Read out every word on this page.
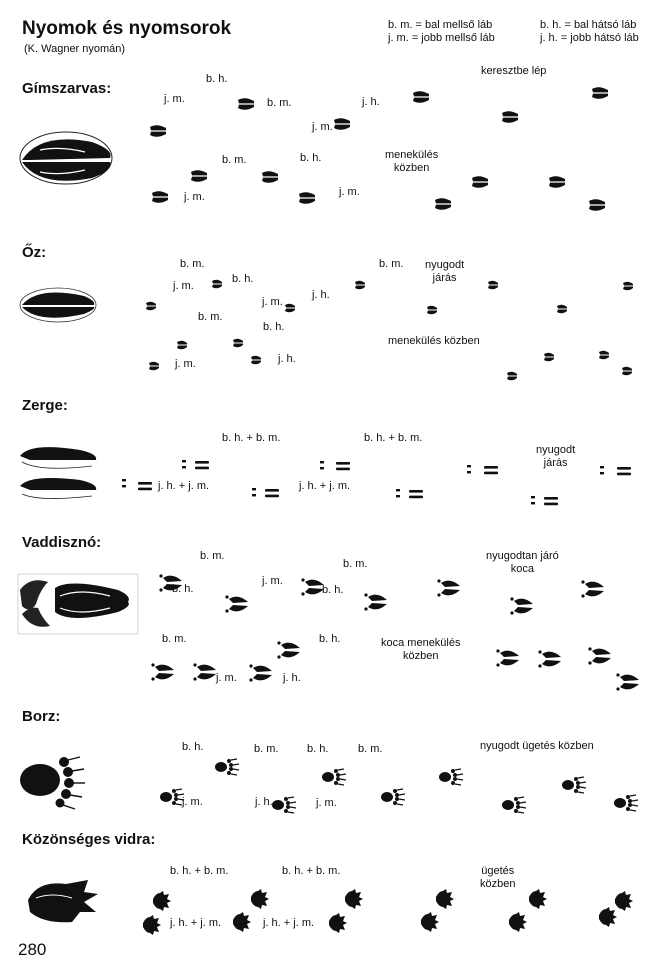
Nyomok és nyomsorok
(K. Wagner nyomán)
b. m. = bal mellső láb
j. m. = jobb mellső láb
b. h. = bal hátsó láb
j. h. = jobb hátsó láb
Gímszarvas:
Őz:
Zerge:
Vaddisznó:
Borz:
Közönséges vidra:
b. h.
j. m.	b. m.	j. h.
keresztbe lép
j. m.
b. m.	b. h.
j. m.
j. m.
menekülés
közben
b. m.
j. m.
b. h.
b. m.
j. m.
j. h.
b. m.
b. h.
j. m.	j. h.
nyugodt
járás
menekülés közben
b. h. + b. m.	b. h. + b. m.
j. h. + j. m.	j. h. + j. m.
nyugodt
járás
b. m.
b. m.
j. m.
b. h.	b. h.
b. m.	b. h.
j. m.	j. h.
nyugodtan járó
koca
koca menekülés
közben
b. h.	b. m.	b. h.	b. m.
j. m.	j. h.	j. m.
nyugodt ügetés közben
b. h. + b. m.	b. h. + b. m.
j. h. + j. m.	j. h. + j. m.
ügetés
közben
280
